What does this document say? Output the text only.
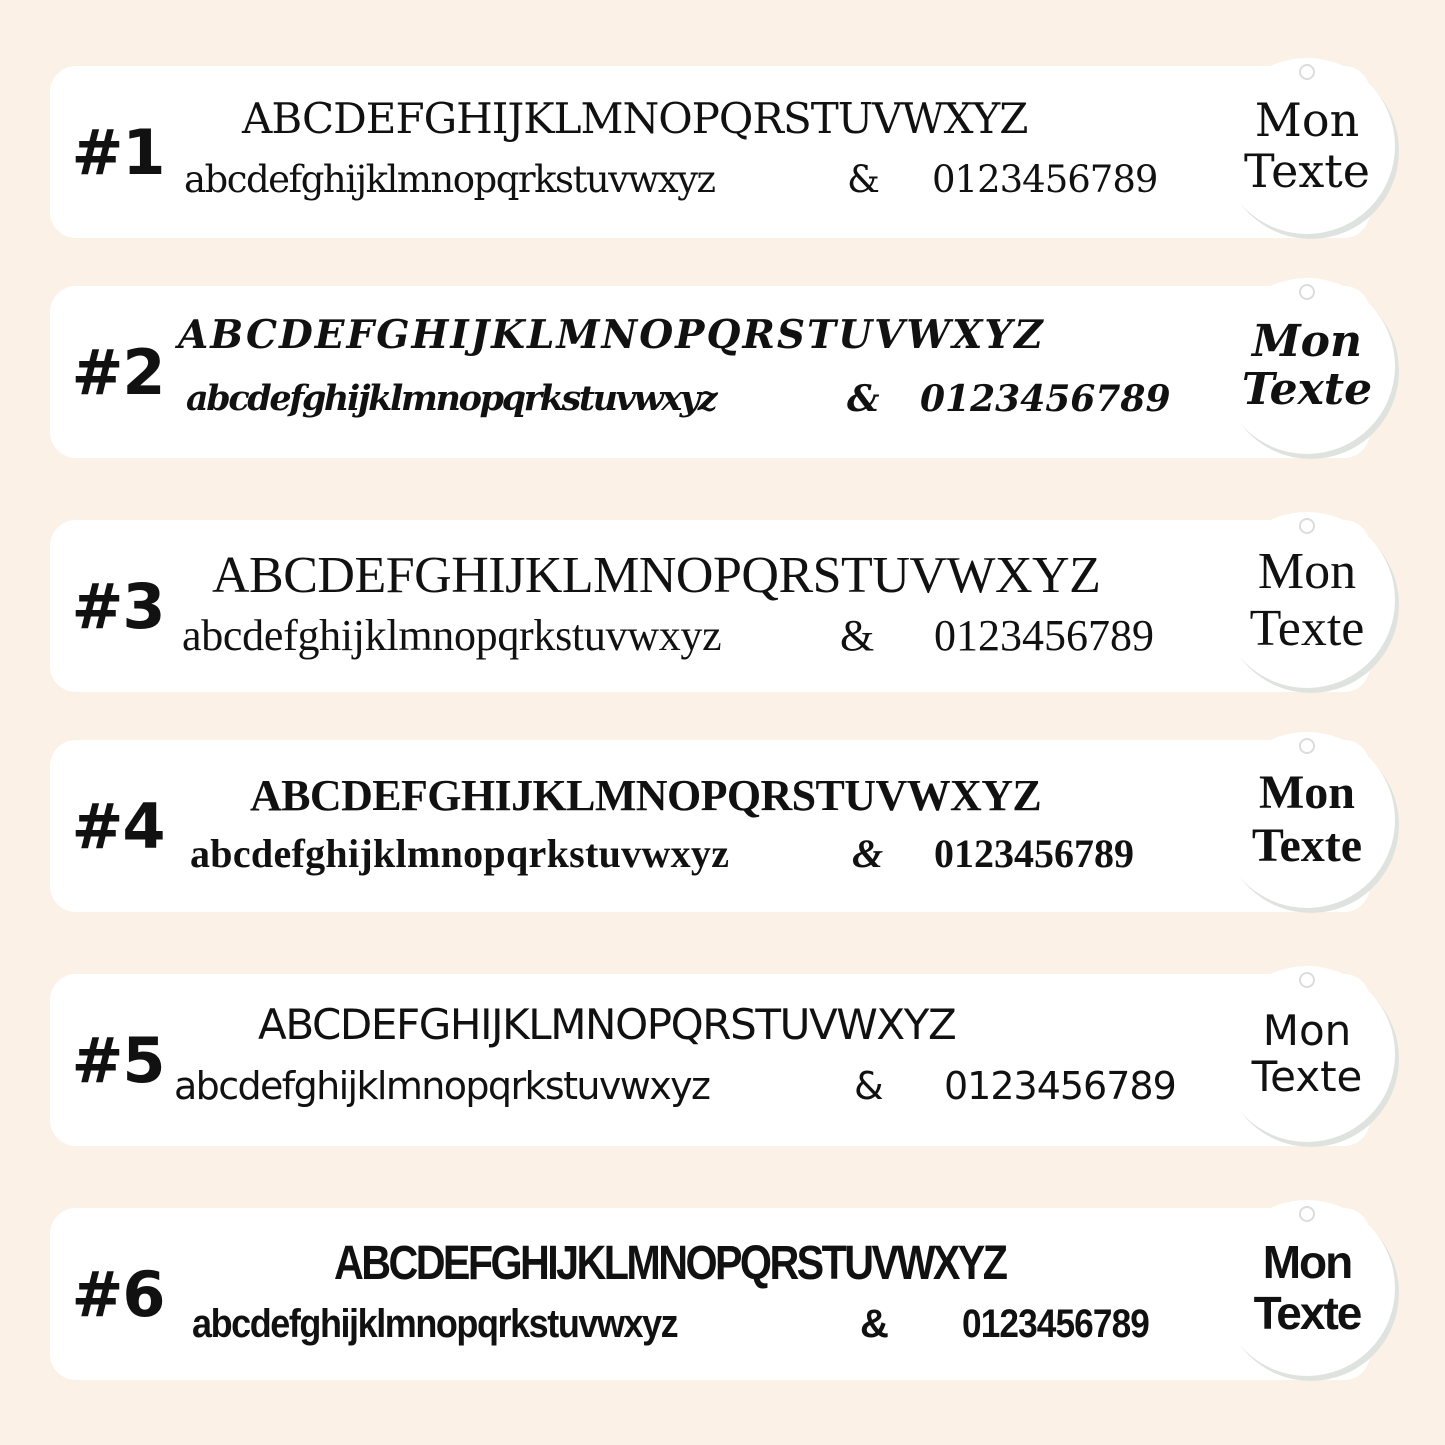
#1 ABCDEFGHIJKLMNOPQRSTUVWXYZ
abcdefghijklmnopqrkstuvwxyz	& 0123456789
Mon
Texte
#2
ABCDEFGHIJKLMNOPQRSTUVWXYZ
abcdefghijklmnopqrkstuvwxyz	& 0123456789
Mon
Texte
#3 ABCDEFGHIJKLMNOPQRSTUVWXYZ
abcdefghijklmnopqrkstuvwxyz	& 0123456789
Mon
Texte
#4 ABCDEFGHIJKLMNOPQRSTUVWXYZ
abcdefghijklmnopqrkstuvwxyz	& 0123456789
Mon
Texte
#5 ABCDEFGHIJKLMNOPQRSTUVWXYZ
abcdefghijklmnopqrkstuvwxyz	& 0123456789
Mon
Texte
#6	ABCDEFGHIJKLMNOPQRSTUVWXYZ
abcdefghijklmnopqrkstuvwxyz	& 0123456789
Mon
Texte
